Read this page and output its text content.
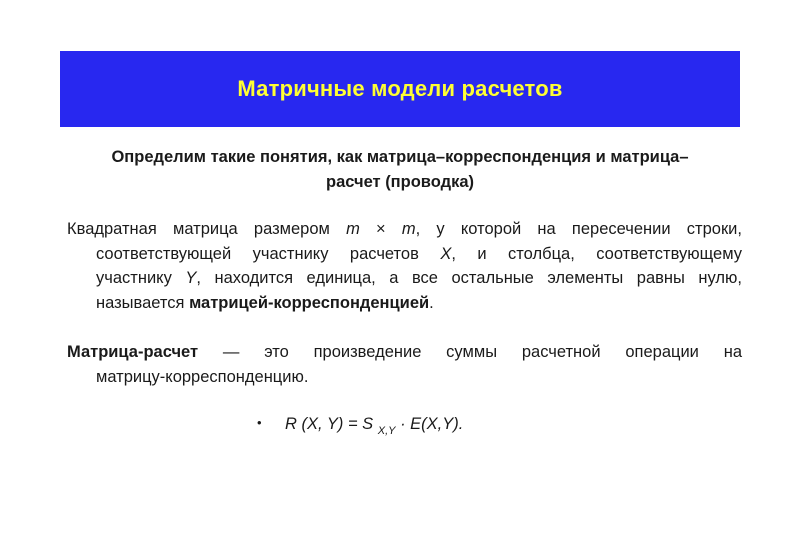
Матричные модели расчетов
Определим такие понятия, как матрица–корреспонденция и матрица–
расчет (проводка)
Квадратная матрица размером m × m, у которой на пересечении строки,
соответствующей участнику расчетов X, и столбца, соответствующему
участнику Y, находится единица, а все остальные элементы равны нулю,
называется матрицей-корреспонденцией.
Матрица-расчет — это произведение суммы расчетной операции на
матрицу-корреспонденцию.
• R (X, Y) = S $_{X,Y}$ · E(X,Y).
